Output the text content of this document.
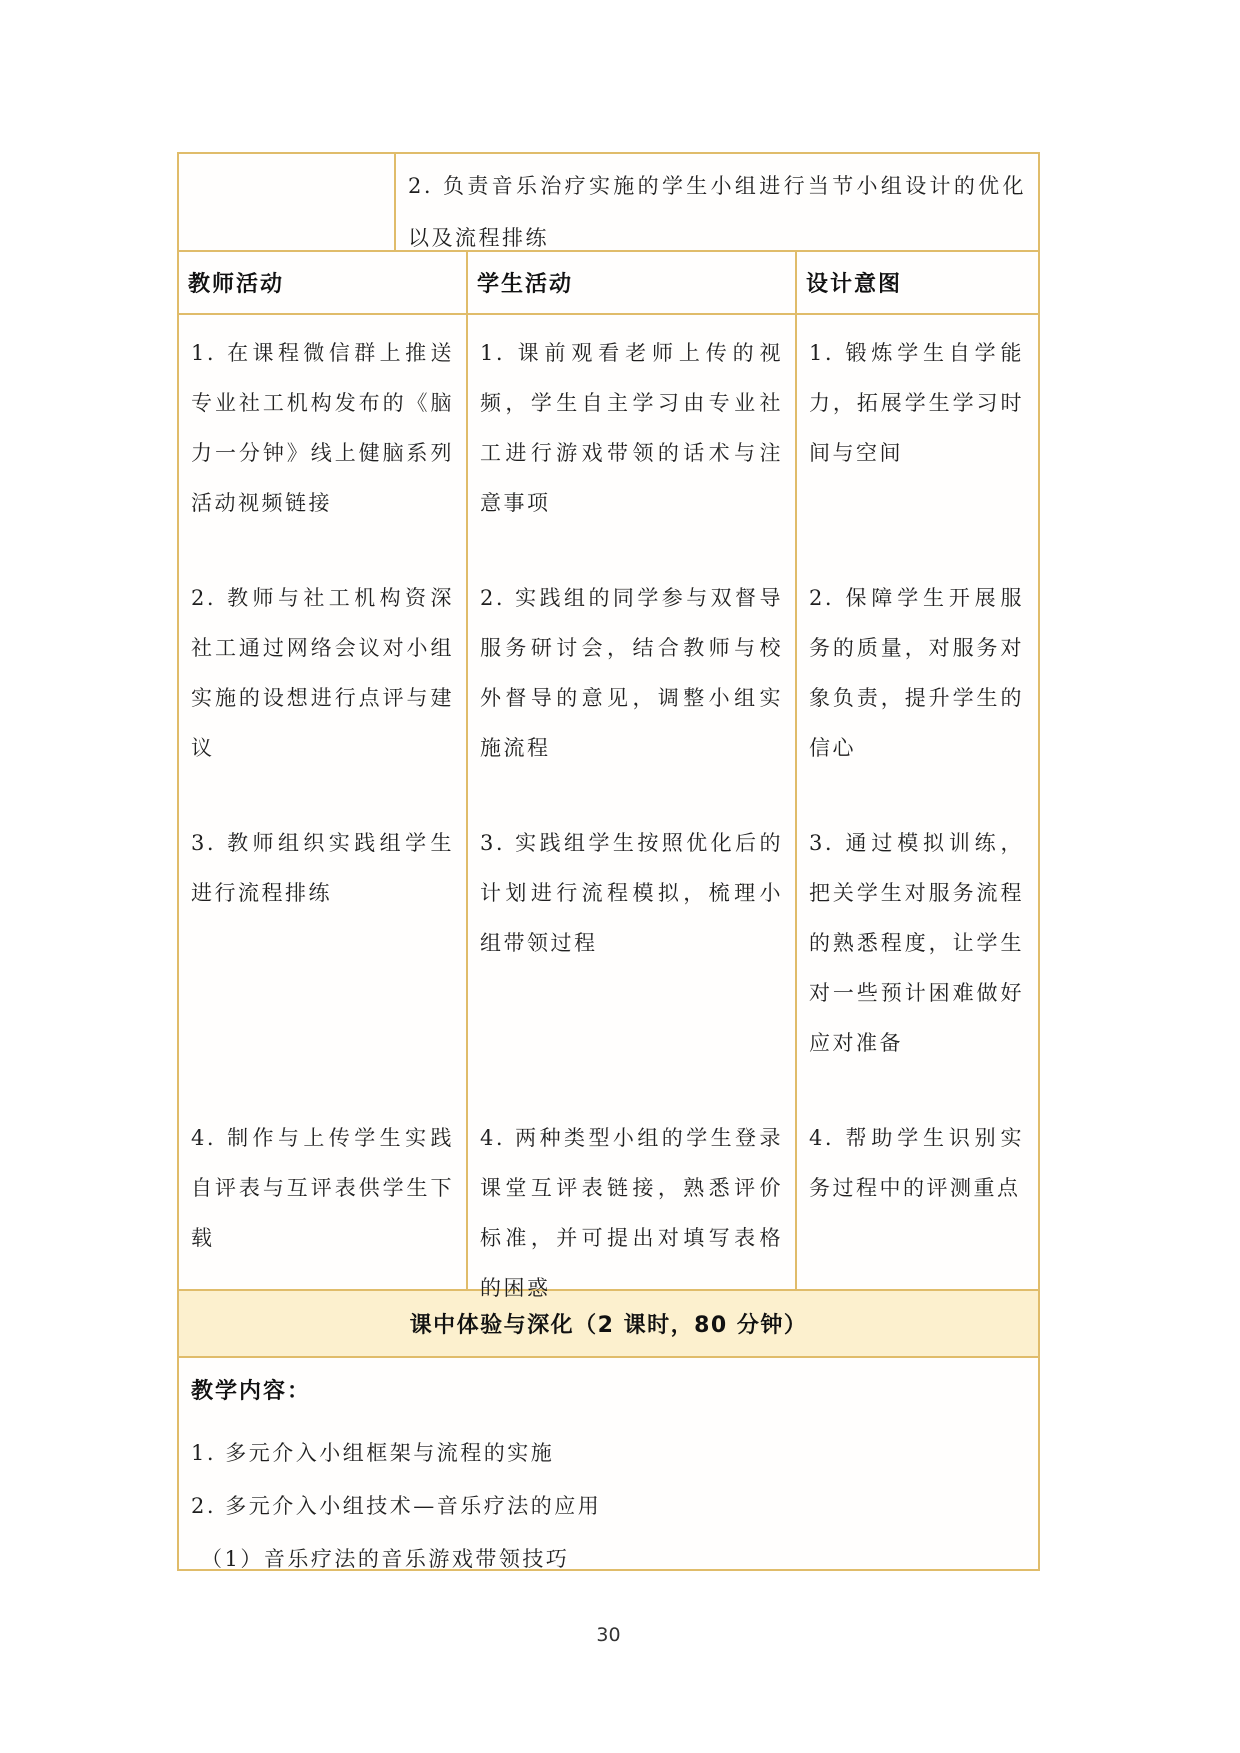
2. 负责音乐治疗实施的学生小组进行当节小组设计的优化以及流程排练

教师活动	学生活动	设计意图

1. 在课程微信群上推送专业社工机构发布的《脑力一分钟》线上健脑系列活动视频链接

2. 教师与社工机构资深社工通过网络会议对小组实施的设想进行点评与建议

3. 教师组织实践组学生进行流程排练

4. 制作与上传学生实践自评表与互评表供学生下载

1. 课前观看老师上传的视频，学生自主学习由专业社工进行游戏带领的话术与注意事项

2. 实践组的同学参与双督导服务研讨会，结合教师与校外督导的意见，调整小组实施流程

3. 实践组学生按照优化后的计划进行流程模拟，梳理小组带领过程

4. 两种类型小组的学生登录课堂互评表链接，熟悉评价标准，并可提出对填写表格的困惑

1. 锻炼学生自学能力，拓展学生学习时间与空间

2. 保障学生开展服务的质量，对服务对象负责，提升学生的信心

3. 通过模拟训练，把关学生对服务流程的熟悉程度，让学生对一些预计困难做好应对准备

4. 帮助学生识别实务过程中的评测重点

课中体验与深化（2 课时，80 分钟）

教学内容：

1. 多元介入小组框架与流程的实施

2. 多元介入小组技术—音乐疗法的应用

（1）音乐疗法的音乐游戏带领技巧

30
